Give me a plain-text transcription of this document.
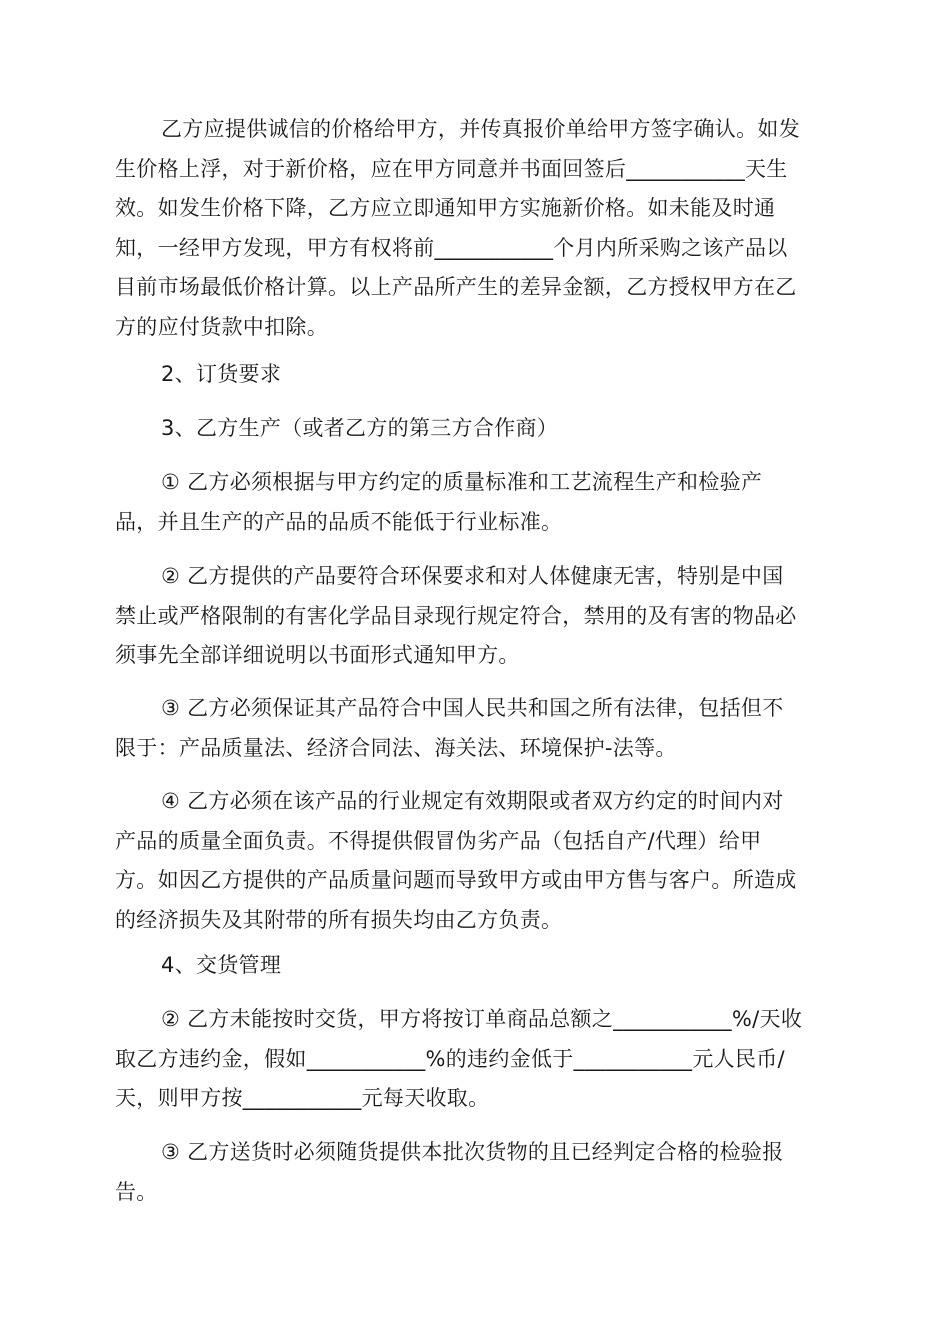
乙方应提供诚信的价格给甲方，并传真报价单给甲方签字确认。如发
生价格上浮，对于新价格，应在甲方同意并书面回签后___________天生
效。如发生价格下降，乙方应立即通知甲方实施新价格。如未能及时通
知，一经甲方发现，甲方有权将前___________个月内所采购之该产品以
目前市场最低价格计算。以上产品所产生的差异金额，乙方授权甲方在乙
方的应付货款中扣除。

2、订货要求

3、乙方生产（或者乙方的第三方合作商）

① 乙方必须根据与甲方约定的质量标准和工艺流程生产和检验产
品，并且生产的产品的品质不能低于行业标准。

② 乙方提供的产品要符合环保要求和对人体健康无害，特别是中国
禁止或严格限制的有害化学品目录现行规定符合，禁用的及有害的物品必
须事先全部详细说明以书面形式通知甲方。

③ 乙方必须保证其产品符合中国人民共和国之所有法律，包括但不
限于：产品质量法、经济合同法、海关法、环境保护-法等。

④ 乙方必须在该产品的行业规定有效期限或者双方约定的时间内对
产品的质量全面负责。不得提供假冒伪劣产品（包括自产/代理）给甲
方。如因乙方提供的产品质量问题而导致甲方或由甲方售与客户。所造成
的经济损失及其附带的所有损失均由乙方负责。

4、交货管理

② 乙方未能按时交货，甲方将按订单商品总额之___________%/天收
取乙方违约金，假如___________%的违约金低于___________元人民币/
天，则甲方按___________元每天收取。

③ 乙方送货时必须随货提供本批次货物的且已经判定合格的检验报
告。
